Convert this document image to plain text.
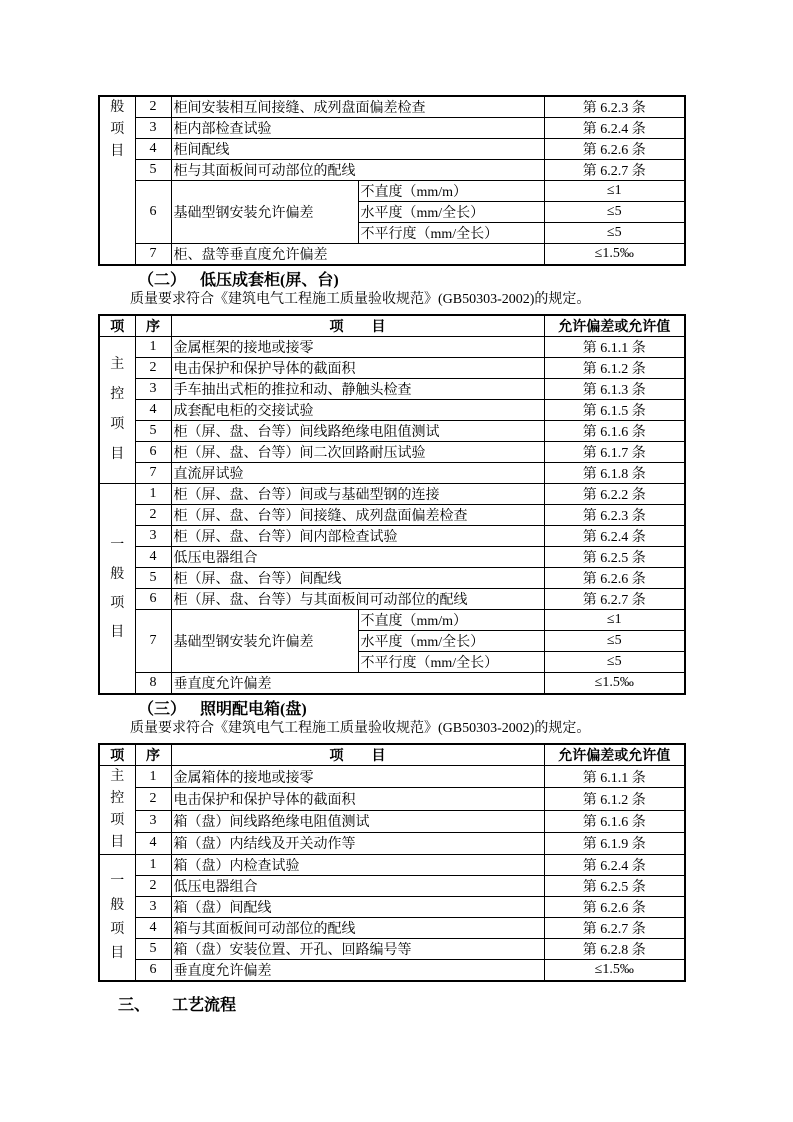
般项目	2	柜间安装相互间接缝、成列盘面偏差检查		第 6.2.3 条
	3	柜内部检查试验		第 6.2.4 条
	4	柜间配线		第 6.2.6 条
	5	柜与其面板间可动部位的配线		第 6.2.7 条
	6	基础型钢安装允许偏差	不直度（mm/m）	≤1
			水平度（mm/全长）	≤5
			不平行度（mm/全长）	≤5
	7	柜、盘等垂直度允许偏差		≤1.5‰
（二） 低压成套柜(屏、台)
质量要求符合《建筑电气工程施工质量验收规范》(GB50303-2002)的规定。
项	序	项　　目		允许偏差或允许值

主控项目	1	金属框架的接地或接零		第 6.1.1 条
	2	电击保护和保护导体的截面积		第 6.1.2 条
	3	手车抽出式柜的推拉和动、静触头检查		第 6.1.3 条
	4	成套配电柜的交接试验		第 6.1.5 条
	5	柜（屏、盘、台等）间线路绝缘电阻值测试		第 6.1.6 条
	6	柜（屏、盘、台等）间二次回路耐压试验		第 6.1.7 条
	7	直流屏试验		第 6.1.8 条

一般项目	1	柜（屏、盘、台等）间或与基础型钢的连接		第 6.2.2 条
	2	柜（屏、盘、台等）间接缝、成列盘面偏差检查		第 6.2.3 条
	3	柜（屏、盘、台等）间内部检查试验		第 6.2.4 条
	4	低压电器组合		第 6.2.5 条
	5	柜（屏、盘、台等）间配线		第 6.2.6 条
	6	柜（屏、盘、台等）与其面板间可动部位的配线		第 6.2.7 条
	7	基础型钢安装允许偏差	不直度（mm/m）	≤1
			水平度（mm/全长）	≤5
			不平行度（mm/全长）	≤5
	8	垂直度允许偏差		≤1.5‰
（三） 照明配电箱(盘)
质量要求符合《建筑电气工程施工质量验收规范》(GB50303-2002)的规定。
项	序	项　　目	允许偏差或允许值

主控项目	1	金属箱体的接地或接零	第 6.1.1 条
	2	电击保护和保护导体的截面积	第 6.1.2 条
	3	箱（盘）间线路绝缘电阻值测试	第 6.1.6 条
	4	箱（盘）内结线及开关动作等	第 6.1.9 条

一般项目	1	箱（盘）内检查试验	第 6.2.4 条
	2	低压电器组合	第 6.2.5 条
	3	箱（盘）间配线	第 6.2.6 条
	4	箱与其面板间可动部位的配线	第 6.2.7 条
	5	箱（盘）安装位置、开孔、回路编号等	第 6.2.8 条
	6	垂直度允许偏差	≤1.5‰
三、 工艺流程
